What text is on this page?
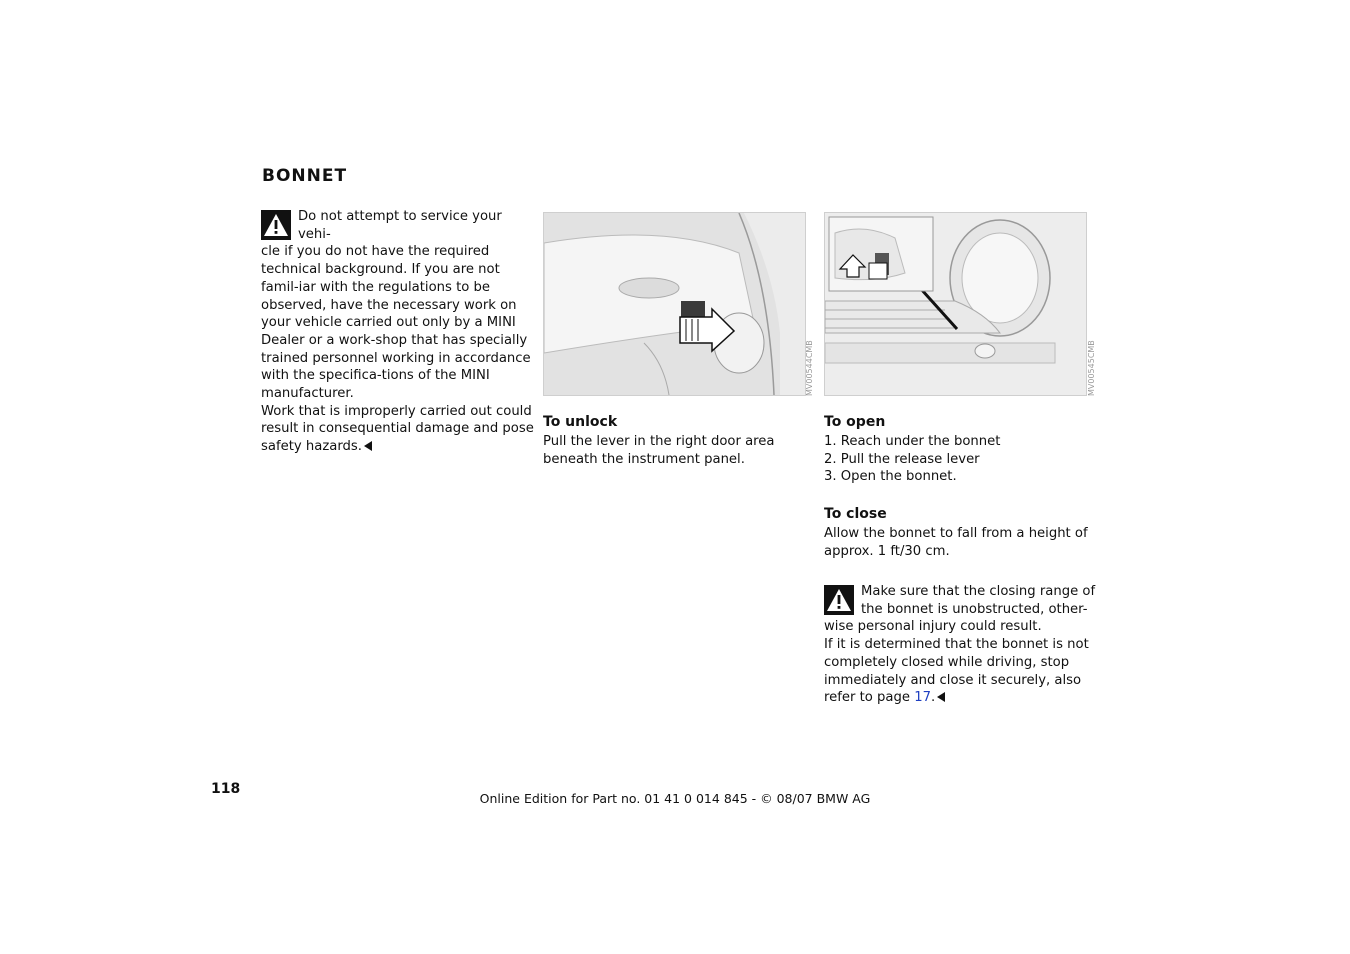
BONNET
Do not attempt to service your vehi-
cle if you do not have the required
technical background. If you are not famil-iar with the regulations to be observed, have the necessary work on your vehicle carried out only by a MINI Dealer or a work-shop that has specially trained personnel working in accordance with the specifica-tions of the MINI manufacturer.
Work that is improperly carried out could result in consequential damage and pose safety hazards.
MV00544CMB	MV00545CMB
To unlock
Pull the lever in the right door area beneath the instrument panel.
To open
1. Reach under the bonnet
2. Pull the release lever
3. Open the bonnet.
To close
Allow the bonnet to fall from a height of approx. 1 ft/30 cm.
Make sure that the closing range of the bonnet is unobstructed, other-wise personal injury could result.
If it is determined that the bonnet is not completely closed while driving, stop immediately and close it securely, also refer to page 17.
118
Online Edition for Part no. 01 41 0 014 845 - © 08/07 BMW AG
